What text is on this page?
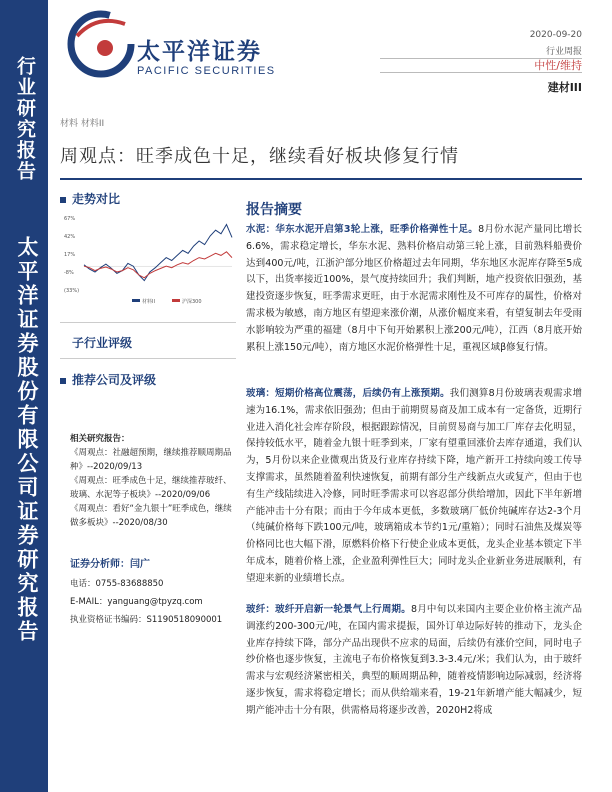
行业研究报告
太平洋证券股份有限公司证券研究报告
太平洋证券
PACIFIC SECURITIES
2020-09-20
行业周报
中性/维持
建材III
材料 材料II
周观点：旺季成色十足，继续看好板块修复行情
走势对比
67%
42%
17%
-8%
(33%)
材料II	沪深300
子行业评级
推荐公司及评级
相关研究报告：
《周观点：社融超预期，继续推荐顺周期品种》--2020/09/13
《周观点：旺季成色十足，继续推荐玻纤、玻璃、水泥等子板块》--2020/09/06
《周观点：看好“金九银十”旺季成色，继续做多板块》--2020/08/30
证券分析师：闫广
电话：0755-83688850
E-MAIL：yanguang@tpyzq.com
执业资格证书编码：S1190518090001
报告摘要
水泥：华东水泥开启第3轮上涨，旺季价格弹性十足。8月份水泥产量同比增长6.6%，需求稳定增长，华东水泥、熟料价格启动第三轮上涨，目前熟料船费价达到400元/吨，江浙沪部分地区价格超过去年同期，华东地区水泥库存降至5成以下，出货率接近100%，景气度持续回升；我们判断，地产投资依旧强劲，基建投资逐步恢复，旺季需求更旺，由于水泥需求刚性及不可库存的属性，价格对需求极为敏感，南方地区有望迎来涨价潮，从涨价幅度来看，有望复制去年受雨水影响较为严重的福建（8月中下旬开始累积上涨200元/吨），江西（8月底开始累积上涨150元/吨），南方地区水泥价格弹性十足，重视区域β修复行情。
玻璃：短期价格高位震荡，后续仍有上涨预期。我们测算8月份玻璃表观需求增速为16.1%，需求依旧强劲；但由于前期贸易商及加工成本有一定备货，近期行业进入消化社会库存阶段，根据跟踪情况，目前贸易商与加工厂库存去化明显，保持较低水平，随着金九银十旺季到来，厂家有望重回涨价去库存通道，我们认为，5月份以来企业微观出货及行业库存持续下降，地产新开工持续向竣工传导支撑需求，虽然随着盈利快速恢复，前期有部分生产线新点火或复产，但由于也有生产线陆续进入冷修，同时旺季需求可以容忍部分供给增加，因此下半年新增产能冲击十分有限；而由于今年成本更低，多数玻璃厂低价纯碱库存达2-3个月（纯碱价格每下跌100元/吨，玻璃箱成本节约1元/重箱）；同时石油焦及煤炭等价格同比也大幅下滑，原燃料价格下行使企业成本更低，龙头企业基本锁定下半年成本，随着价格上涨，企业盈利弹性巨大；同时龙头企业新业务进展顺利，有望迎来新的业绩增长点。
玻纤：玻纤开启新一轮景气上行周期。8月中旬以来国内主要企业价格主流产品调涨约200-300元/吨，在国内需求提振，国外订单边际好转的推动下，龙头企业库存持续下降，部分产品出现供不应求的局面，后续仍有涨价空间，同时电子纱价格也逐步恢复，主流电子布价格恢复到3.3-3.4元/米；我们认为，由于玻纤需求与宏观经济紧密相关，典型的顺周期品种，随着疫情影响边际减弱，经济将逐步恢复，需求将稳定增长；而从供给端来看，19-21年新增产能大幅减少，短期产能冲击十分有限，供需格局将逐步改善，2020H2将成
